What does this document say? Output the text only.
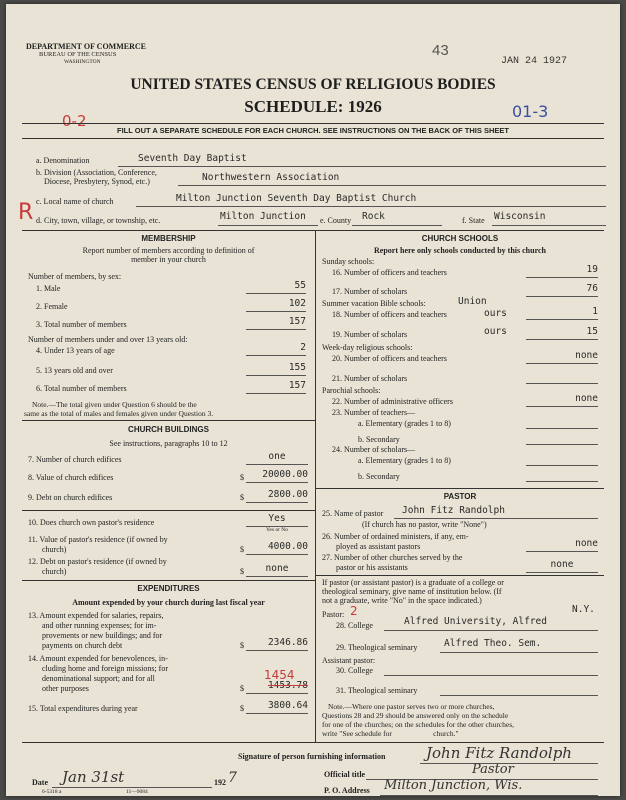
DEPARTMENT OF COMMERCE
BUREAU OF THE CENSUS
WASHINGTON
43
JAN 24 1927
UNITED STATES CENSUS OF RELIGIOUS BODIES
SCHEDULE: 1926
0-2	01-3
FILL OUT A SEPARATE SCHEDULE FOR EACH CHURCH. SEE INSTRUCTIONS ON THE BACK OF THIS SHEET
a. Denomination	Seventh Day Baptist
b. Division (Association, Conference,
Diocese, Presbytery, Synod, etc.)	Northwestern Association
c. Local name of church	Milton Junction Seventh Day Baptist Church
R d. City, town, village, or township, etc.	Milton Junction e. County Rock	f. State Wisconsin
MEMBERSHIP
Report number of members according to definition of
member in your church
Number of members, by sex:
1. Male	55
2. Female	102
3. Total number of members	157
Number of members under and over 13 years old:
4. Under 13 years of age	2
5. 13 years old and over	155
6. Total number of members	157
Note.—The total given under Question 6 should be the
same as the total of males and females given under Question 3.
CHURCH BUILDINGS
See instructions, paragraphs 10 to 12
7. Number of church edifices	one
8. Value of church edifices	$	20000.00
9. Debt on church edifices	$	2800.00
10. Does church own pastor's residence	Yes
Yes or No
11. Value of pastor's residence (if owned by
church)	$	4000.00
12. Debt on pastor's residence (if owned by
church)	$	none
EXPENDITURES
Amount expended by your church during last fiscal year
13. Amount expended for salaries, repairs,
and other running expenses; for im-
provements or new buildings; and for
payments on church debt	$	2346.86
14. Amount expended for benevolences, in-
cluding home and foreign missions; for
denominational support; and for all
other purposes
1454
$	1453.78
15. Total expenditures during year	$	3800.64
CHURCH SCHOOLS
Report here only schools conducted by this church
Sunday schools:
16. Number of officers and teachers	19
17. Number of scholars	76
Summer vacation Bible schools:	Union
18. Number of officers and teachers	ours	1
19. Number of scholars	ours	15
Week-day religious schools:
20. Number of officers and teachers	none
21. Number of scholars
Parochial schools:
22. Number of administrative officers	none
23. Number of teachers—
a. Elementary (grades 1 to 8)
b. Secondary
24. Number of scholars—
a. Elementary (grades 1 to 8)
b. Secondary
PASTOR
25. Name of pastor John Fitz Randolph
(If church has no pastor, write "None")
26. Number of ordained ministers, if any, em-
ployed as assistant pastors	none
27. Number of other churches served by the
pastor or his assistants	none
If pastor (or assistant pastor) is a graduate of a college or
theological seminary, give name of institution below. (If
not a graduate, write "No" in the space indicated.)
Pastor: 2	N.Y.
28. College	Alfred University, Alfred
29. Theological seminary	Alfred Theo. Sem.
Assistant pastor:
30. College
31. Theological seminary
Note.—Where one pastor serves two or more churches,
Questions 28 and 29 should be answered only on the schedule
for one of the churches; on the schedules for the other churches,
write "See schedule for                      church."
Signature of person furnishing information	John Fitz Randolph
Official title	Pastor
P. O. Address Milton Junction, Wis.
Date Jan 31st	192 7
6-5318 a	11—9084
